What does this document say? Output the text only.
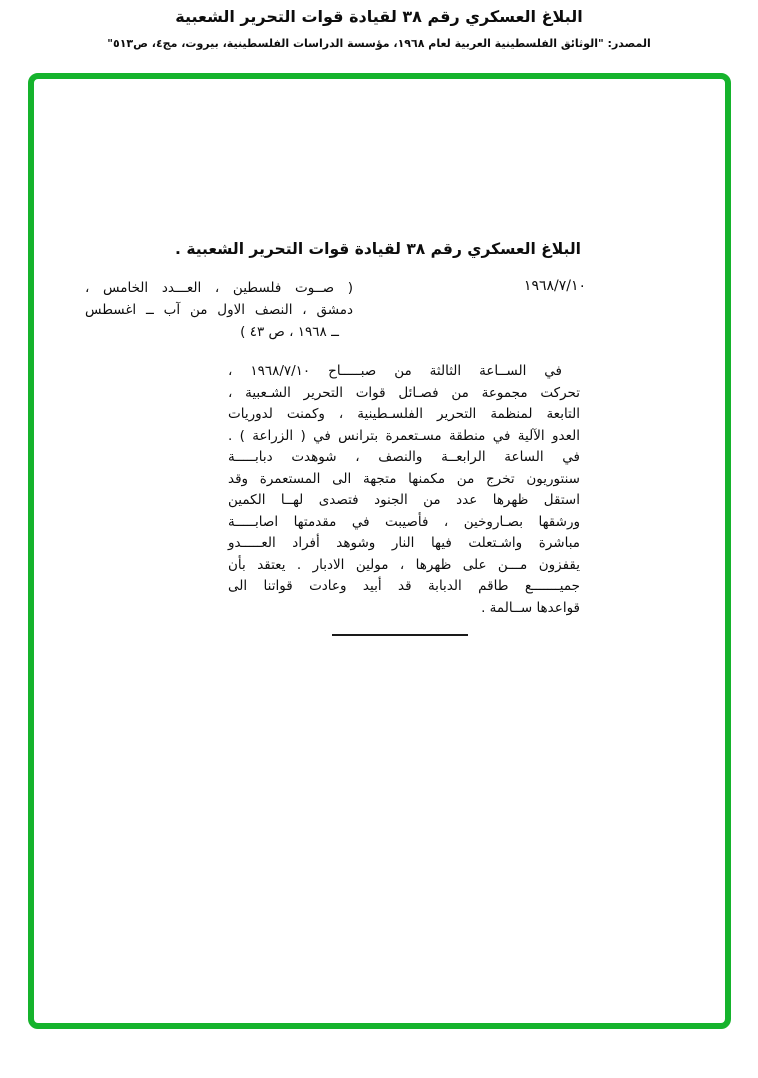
البلاغ العسكري رقم ٣٨ لقيادة قوات التحرير الشعبية
المصدر: "الوثائق الفلسطينية العربية لعام ١٩٦٨، مؤسسة الدراسات الفلسطينية، بيروت، مج٤، ص٥١٣"
البلاغ العسكري رقم ٣٨ لقيادة قوات التحرير الشعبية .
١٩٦٨/٧/١٠
( صــوت فلسطين ، العـــدد الخامس ،
دمشق ، النصف الاول من آب ــ اغسطس
ــ ١٩٦٨ ، ص ٤٣ )
في الســاعة الثالثة من صبـــــاح ١٩٦٨/٧/١٠ ،
تحركت مجموعة من فصـائل قوات التحرير الشـعبية ،
التابعة لمنظمة التحرير الفلسـطينية ، وكمنت لدوريات
العدو الآلية في منطقة مسـتعمرة بترانس في ( الزراعة ) .
في الساعة الرابعــة والنصف ، شوهدت دبابـــــة
سنتوريون تخرج من مكمنها متجهة الى المستعمرة وقد
استقل ظهرها عدد من الجنود فتصدى لهــا الكمين
ورشقها بصـاروخين ، فأصيبت في مقدمتها اصابـــــة
مباشرة واشـتعلت فيها النار وشوهد أفراد العـــــدو
يقفزون مـــن على ظهرها ، مولين الادبار . يعتقد بأن
جميـــــــع طاقم الدبابة قد أبيد وعادت قواتنا الى
قواعدها ســالمة .
